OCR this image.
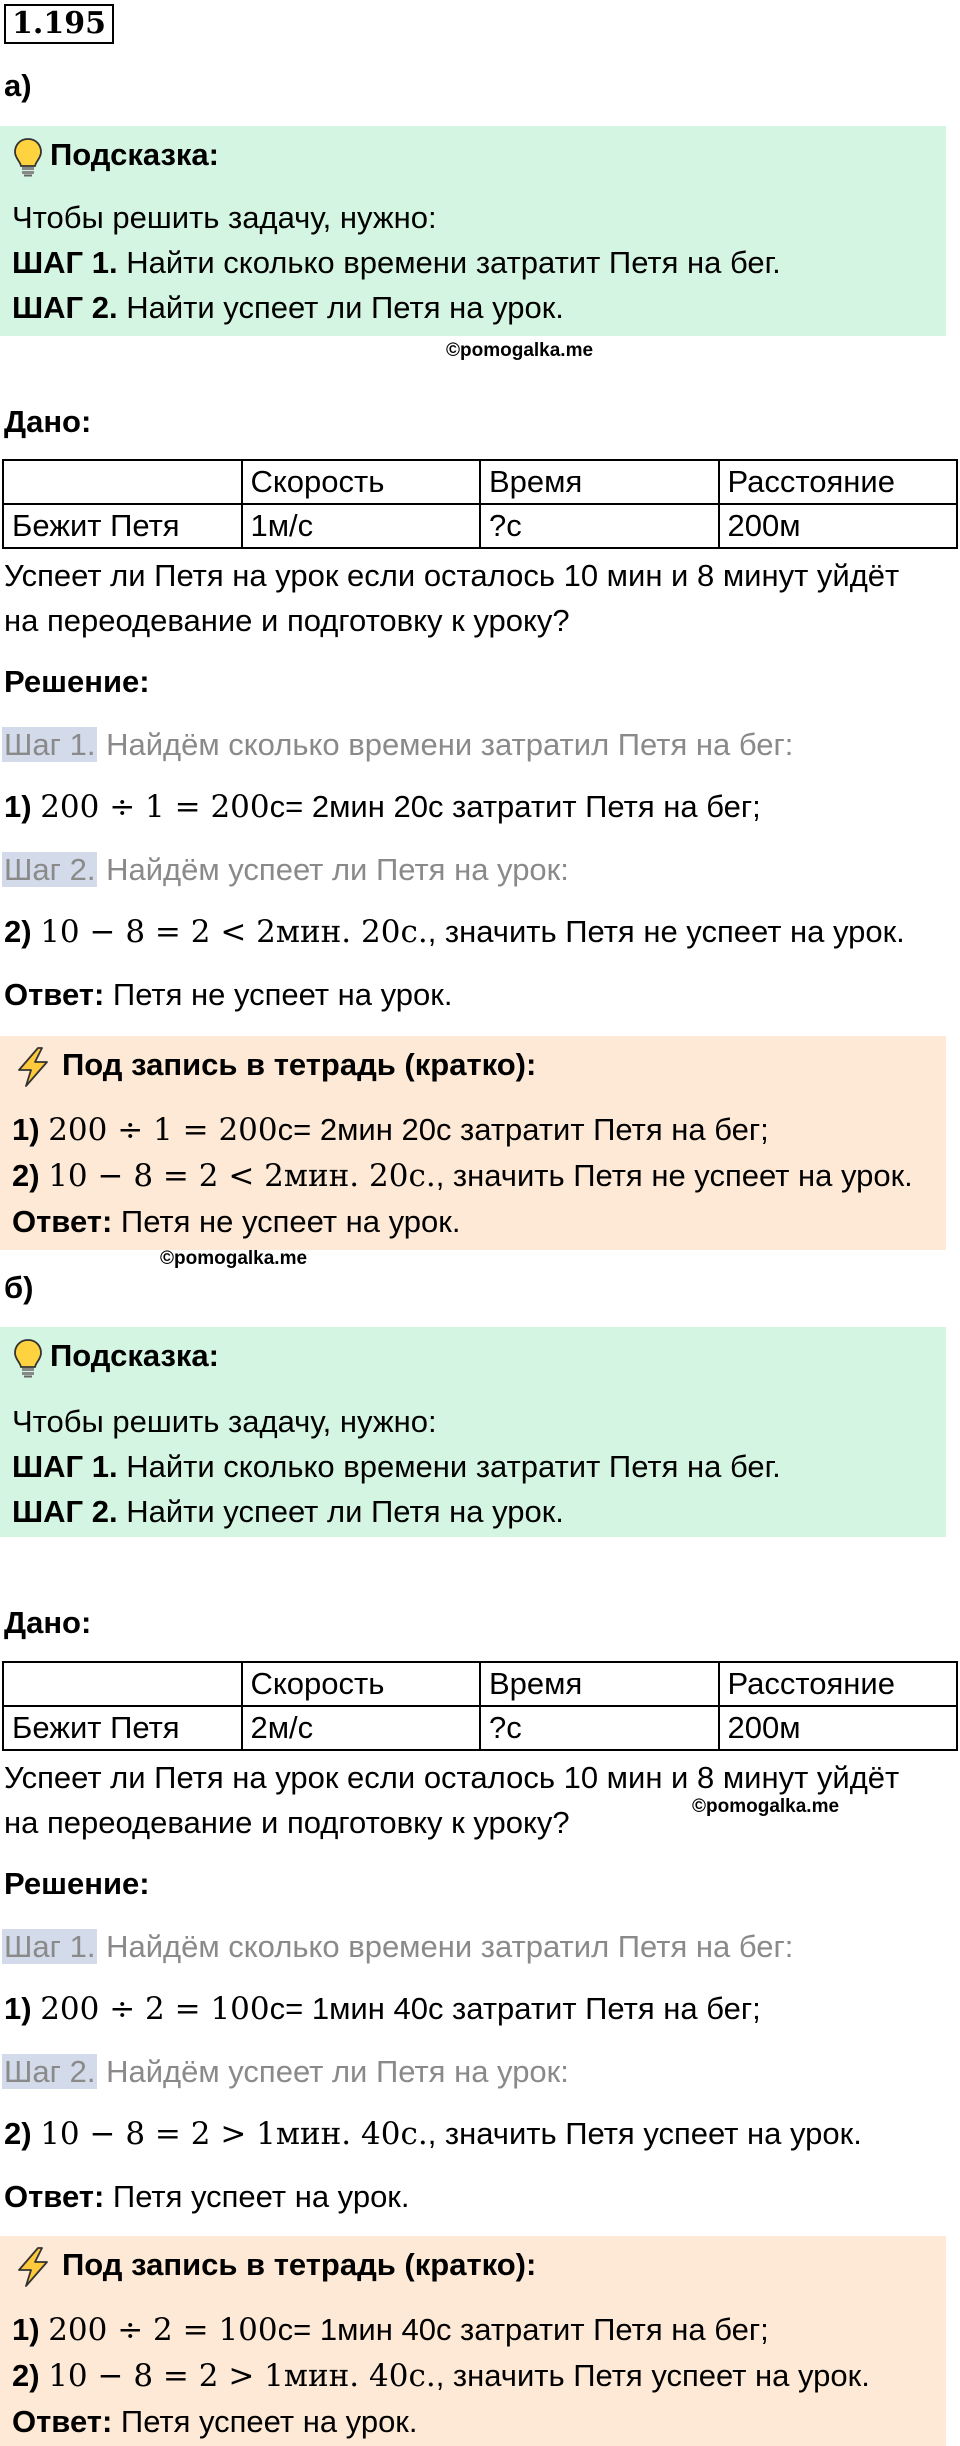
1.195
а)
Подсказка:
Чтобы решить задачу, нужно:
ШАГ 1. Найти сколько времени затратит Петя на бег.
ШАГ 2. Найти успеет ли Петя на урок.
©pomogalka.me
Дано:
	Скорость	Время	Расстояние
Бежит Петя	1м/с	?с	200м
Успеет ли Петя на урок если осталось 10 мин и 8 минут уйдёт
на переодевание и подготовку к уроку?
Решение:
Шаг 1. Найдём сколько времени затратил Петя на бег:
1) 200 ÷ 1 = 200с= 2мин 20с затратит Петя на бег;
Шаг 2. Найдём успеет ли Петя на урок:
2) 10 − 8 = 2 < 2мин. 20с., значить Петя не успеет на урок.
Ответ: Петя не успеет на урок.
Под запись в тетрадь (кратко):
1) 200 ÷ 1 = 200с= 2мин 20с затратит Петя на бег;
2) 10 − 8 = 2 < 2мин. 20с., значить Петя не успеет на урок.
Ответ: Петя не успеет на урок.
©pomogalka.me
б)
Подсказка:
Чтобы решить задачу, нужно:
ШАГ 1. Найти сколько времени затратит Петя на бег.
ШАГ 2. Найти успеет ли Петя на урок.
Дано:
	Скорость	Время	Расстояние
Бежит Петя	2м/с	?с	200м
Успеет ли Петя на урок если осталось 10 мин и 8 минут уйдёт
на переодевание и подготовку к уроку?	©pomogalka.me
Решение:
Шаг 1. Найдём сколько времени затратил Петя на бег:
1) 200 ÷ 2 = 100с= 1мин 40с затратит Петя на бег;
Шаг 2. Найдём успеет ли Петя на урок:
2) 10 − 8 = 2 > 1мин. 40с., значить Петя успеет на урок.
Ответ: Петя успеет на урок.
Под запись в тетрадь (кратко):
1) 200 ÷ 2 = 100с= 1мин 40с затратит Петя на бег;
2) 10 − 8 = 2 > 1мин. 40с., значить Петя успеет на урок.
Ответ: Петя успеет на урок.
